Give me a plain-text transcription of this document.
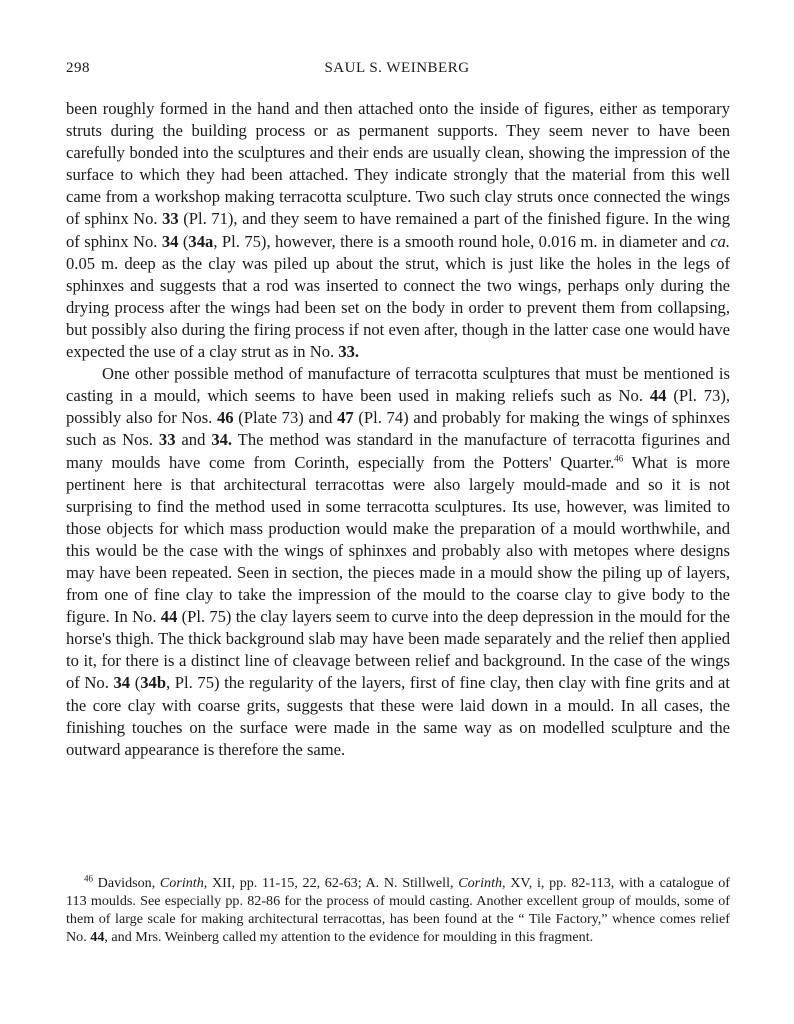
298	SAUL S. WEINBERG

been roughly formed in the hand and then attached onto the inside of figures, either as temporary struts during the building process or as permanent supports. They seem never to have been carefully bonded into the sculptures and their ends are usually clean, showing the impression of the surface to which they had been attached. They indicate strongly that the material from this well came from a workshop making terracotta sculpture. Two such clay struts once connected the wings of sphinx No. 33 (Pl. 71), and they seem to have remained a part of the finished figure. In the wing of sphinx No. 34 (34a, Pl. 75), however, there is a smooth round hole, 0.016 m. in diameter and ca. 0.05 m. deep as the clay was piled up about the strut, which is just like the holes in the legs of sphinxes and suggests that a rod was inserted to connect the two wings, perhaps only during the drying process after the wings had been set on the body in order to prevent them from collapsing, but possibly also during the firing process if not even after, though in the latter case one would have expected the use of a clay strut as in No. 33.

One other possible method of manufacture of terracotta sculptures that must be mentioned is casting in a mould, which seems to have been used in making reliefs such as No. 44 (Pl. 73), possibly also for Nos. 46 (Plate 73) and 47 (Pl. 74) and probably for making the wings of sphinxes such as Nos. 33 and 34. The method was standard in the manufacture of terracotta figurines and many moulds have come from Corinth, especially from the Potters' Quarter.$^{46}$ What is more pertinent here is that architectural terracottas were also largely mould-made and so it is not surprising to find the method used in some terracotta sculptures. Its use, however, was limited to those objects for which mass production would make the preparation of a mould worthwhile, and this would be the case with the wings of sphinxes and probably also with metopes where designs may have been repeated. Seen in section, the pieces made in a mould show the piling up of layers, from one of fine clay to take the impression of the mould to the coarse clay to give body to the figure. In No. 44 (Pl. 75) the clay layers seem to curve into the deep depression in the mould for the horse's thigh. The thick background slab may have been made separately and the relief then applied to it, for there is a distinct line of cleavage between relief and background. In the case of the wings of No. 34 (34b, Pl. 75) the regularity of the layers, first of fine clay, then clay with fine grits and at the core clay with coarse grits, suggests that these were laid down in a mould. In all cases, the finishing touches on the surface were made in the same way as on modelled sculpture and the outward appearance is therefore the same.

$^{46}$ Davidson, Corinth, XII, pp. 11-15, 22, 62-63; A. N. Stillwell, Corinth, XV, i, pp. 82-113, with a catalogue of 113 moulds. See especially pp. 82-86 for the process of mould casting. Another excellent group of moulds, some of them of large scale for making architectural terracottas, has been found at the “ Tile Factory,” whence comes relief No. 44, and Mrs. Weinberg called my attention to the evidence for moulding in this fragment.
